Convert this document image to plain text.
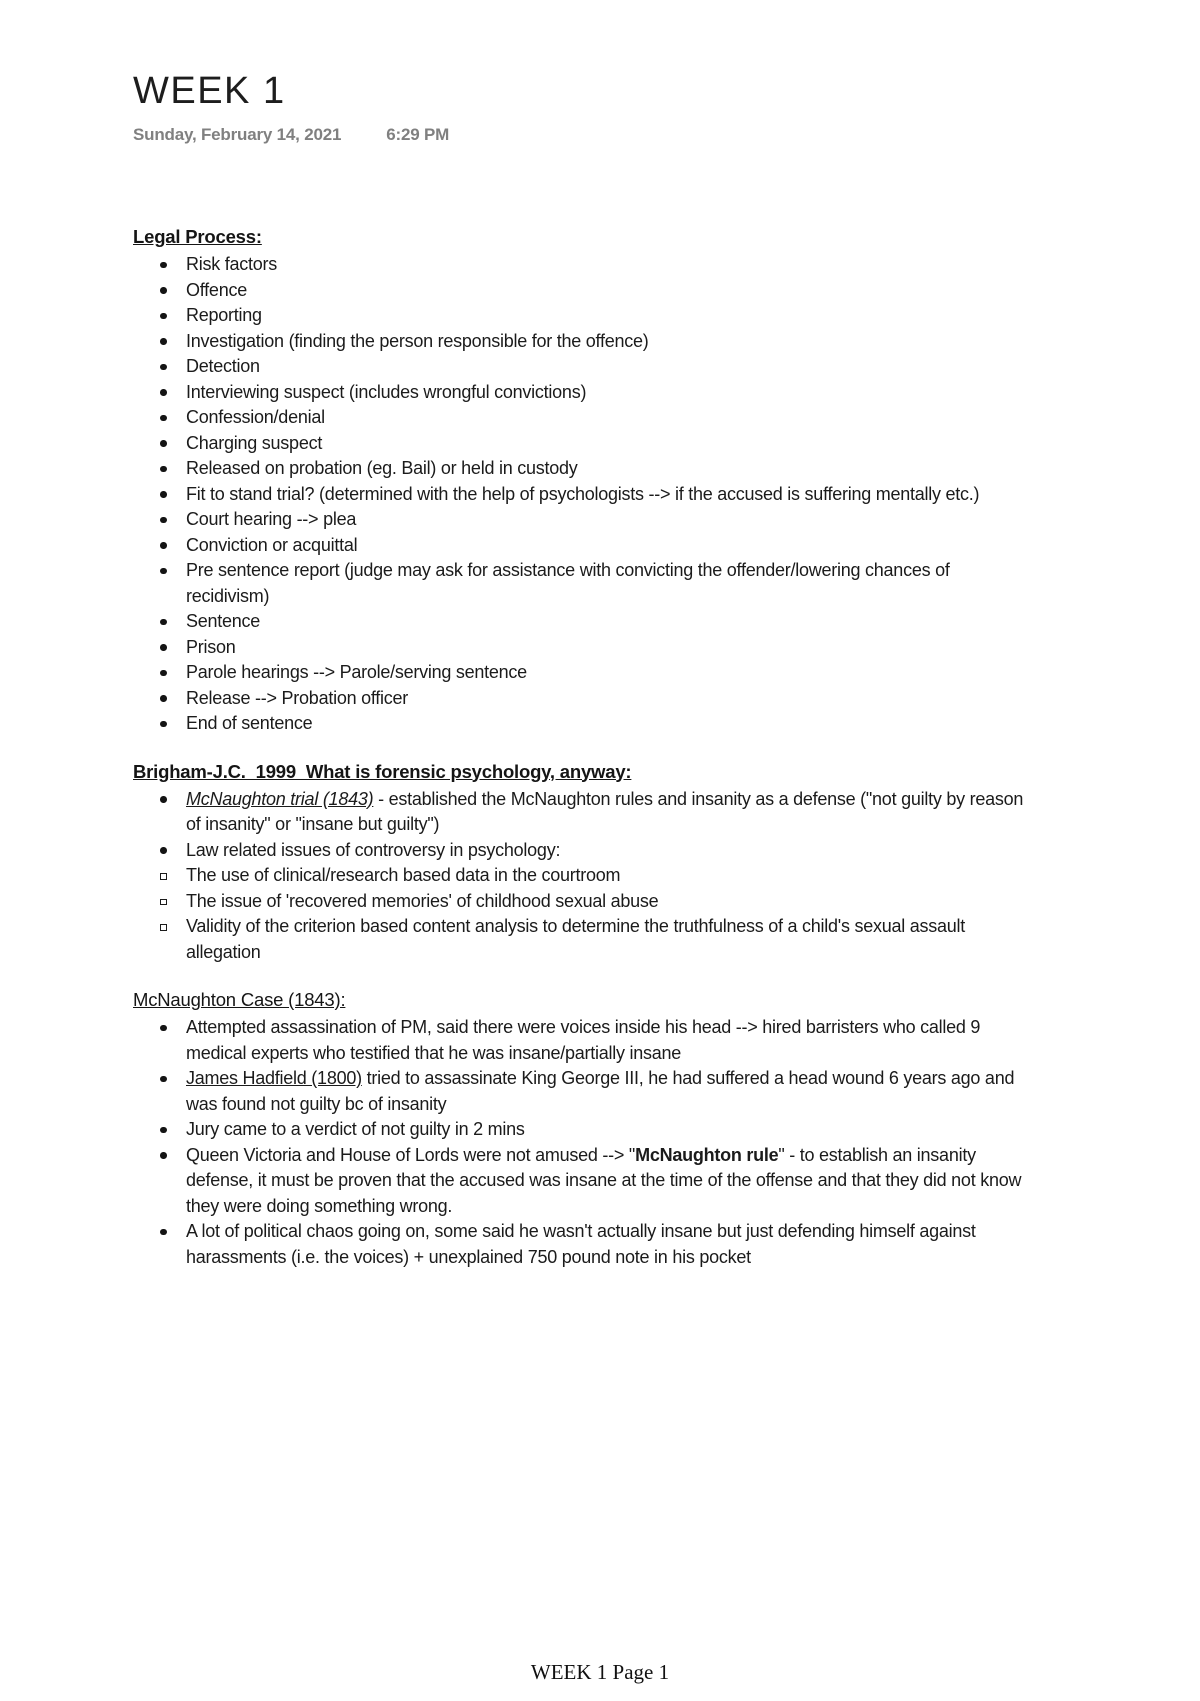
WEEK 1
Sunday, February 14, 2021	6:29 PM
Legal Process:
Risk factors
Offence
Reporting
Investigation (finding the person responsible for the offence)
Detection
Interviewing suspect (includes wrongful convictions)
Confession/denial
Charging suspect
Released on probation (eg. Bail) or held in custody
Fit to stand trial? (determined with the help of psychologists --> if the accused is suffering mentally etc.)
Court hearing --> plea
Conviction or acquittal
Pre sentence report (judge may ask for assistance with convicting the offender/lowering chances of recidivism)
Sentence
Prison
Parole hearings --> Parole/serving sentence
Release --> Probation officer
End of sentence
Brigham-J.C.  1999  What is forensic psychology, anyway:
McNaughton trial (1843) - established the McNaughton rules and insanity as a defense ("not guilty by reason of insanity" or "insane but guilty")
Law related issues of controversy in psychology:
The use of clinical/research based data in the courtroom
The issue of 'recovered memories' of childhood sexual abuse
Validity of the criterion based content analysis to determine the truthfulness of a child's sexual assault allegation
McNaughton Case (1843):
Attempted assassination of PM, said there were voices inside his head --> hired barristers who called 9 medical experts who testified that he was insane/partially insane
James Hadfield (1800) tried to assassinate King George III, he had suffered a head wound 6 years ago and was found not guilty bc of insanity
Jury came to a verdict of not guilty in 2 mins
Queen Victoria and House of Lords were not amused --> "McNaughton rule" - to establish an insanity defense, it must be proven that the accused was insane at the time of the offense and that they did not know they were doing something wrong.
A lot of political chaos going on, some said he wasn't actually insane but just defending himself against harassments (i.e. the voices) + unexplained 750 pound note in his pocket
WEEK 1 Page 1
